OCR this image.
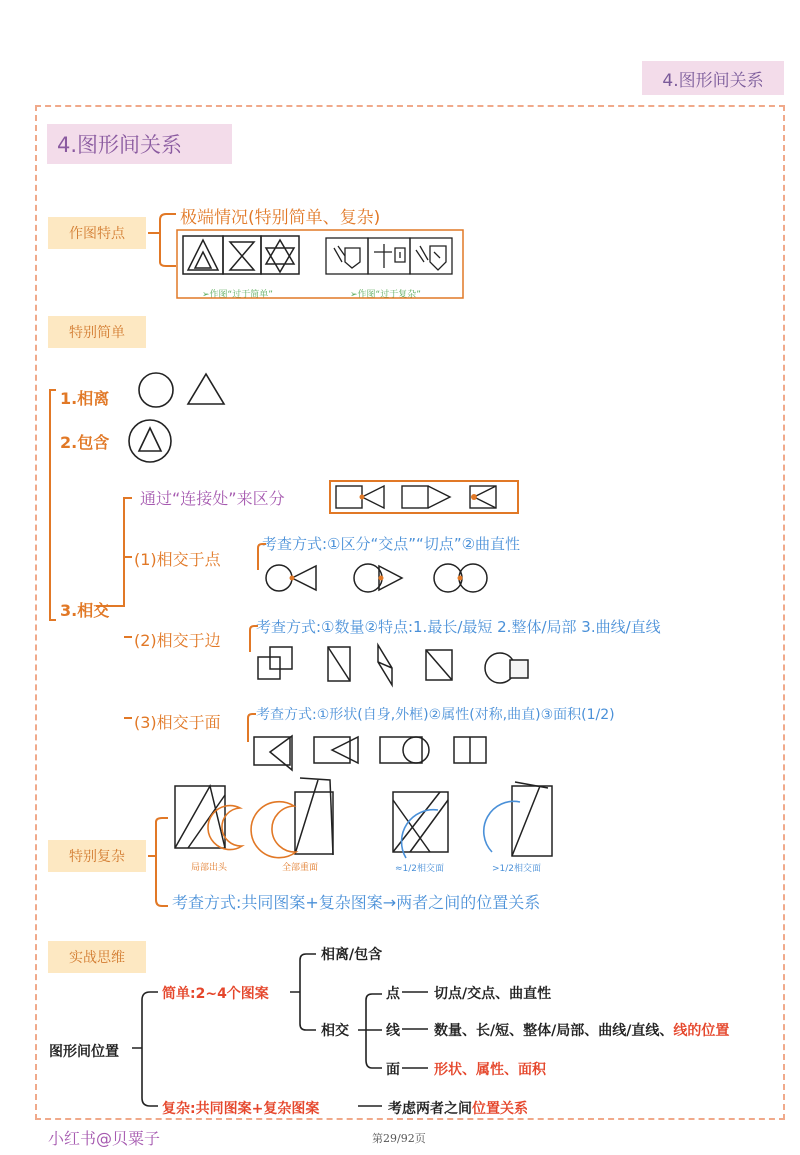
4.图形间关系
4.图形间关系
作图特点
极端情况(特别简单、复杂)
➢作图“过于简单”	➢作图“过于复杂”
特别简单
1.相离
2.包含
3.相交
通过“连接处”来区分
(1)相交于点
考查方式:①区分“交点”“切点”②曲直性
(2)相交于边
考查方式:①数量②特点:1.最长/最短 2.整体/局部 3.曲线/直线
(3)相交于面	考查方式:①形状(自身,外框)②属性(对称,曲直)③面积(1/2)
特别复杂
局部出头	全部重面	≈1/2相交面	>1/2相交面
考查方式:共同图案+复杂图案→两者之间的位置关系
实战思维
图形间位置
简单:2~4个图案
相离/包含
相交
点 切点/交点、曲直性
线 数量、长/短、整体/局部、曲线/直线、线的位置
面 形状、属性、面积
复杂:共同图案+复杂图案	考虑两者之间位置关系
小红书@贝粟子	第29/92页
